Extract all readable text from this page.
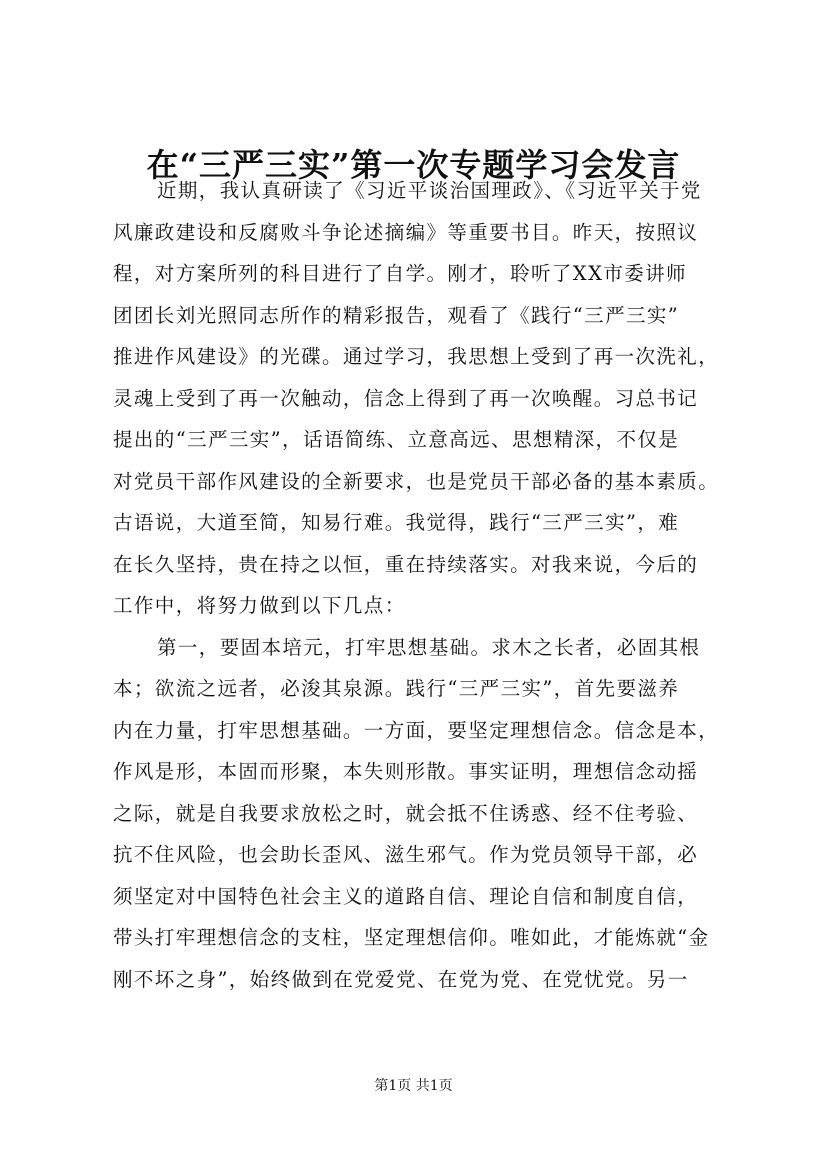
在“三严三实”第一次专题学习会发言
近期，我认真研读了《习近平谈治国理政》、《习近平关于党
风廉政建设和反腐败斗争论述摘编》等重要书目。昨天，按照议
程，对方案所列的科目进行了自学。刚才，聆听了XX市委讲师
团团长刘光照同志所作的精彩报告，观看了《践行“三严三实”
推进作风建设》的光碟。通过学习，我思想上受到了再一次洗礼，
灵魂上受到了再一次触动，信念上得到了再一次唤醒。习总书记
提出的“三严三实”，话语简练、立意高远、思想精深，不仅是
对党员干部作风建设的全新要求，也是党员干部必备的基本素质。
古语说，大道至简，知易行难。我觉得，践行“三严三实”，难
在长久坚持，贵在持之以恒，重在持续落实。对我来说，今后的
工作中，将努力做到以下几点：
第一，要固本培元，打牢思想基础。求木之长者，必固其根
本；欲流之远者，必浚其泉源。践行“三严三实”，首先要滋养
内在力量，打牢思想基础。一方面，要坚定理想信念。信念是本，
作风是形，本固而形聚，本失则形散。事实证明，理想信念动摇
之际，就是自我要求放松之时，就会抵不住诱惑、经不住考验、
抗不住风险，也会助长歪风、滋生邪气。作为党员领导干部，必
须坚定对中国特色社会主义的道路自信、理论自信和制度自信，
带头打牢理想信念的支柱，坚定理想信仰。唯如此，才能炼就“金
刚不坏之身”，始终做到在党爱党、在党为党、在党忧党。另一
第1页 共1页
